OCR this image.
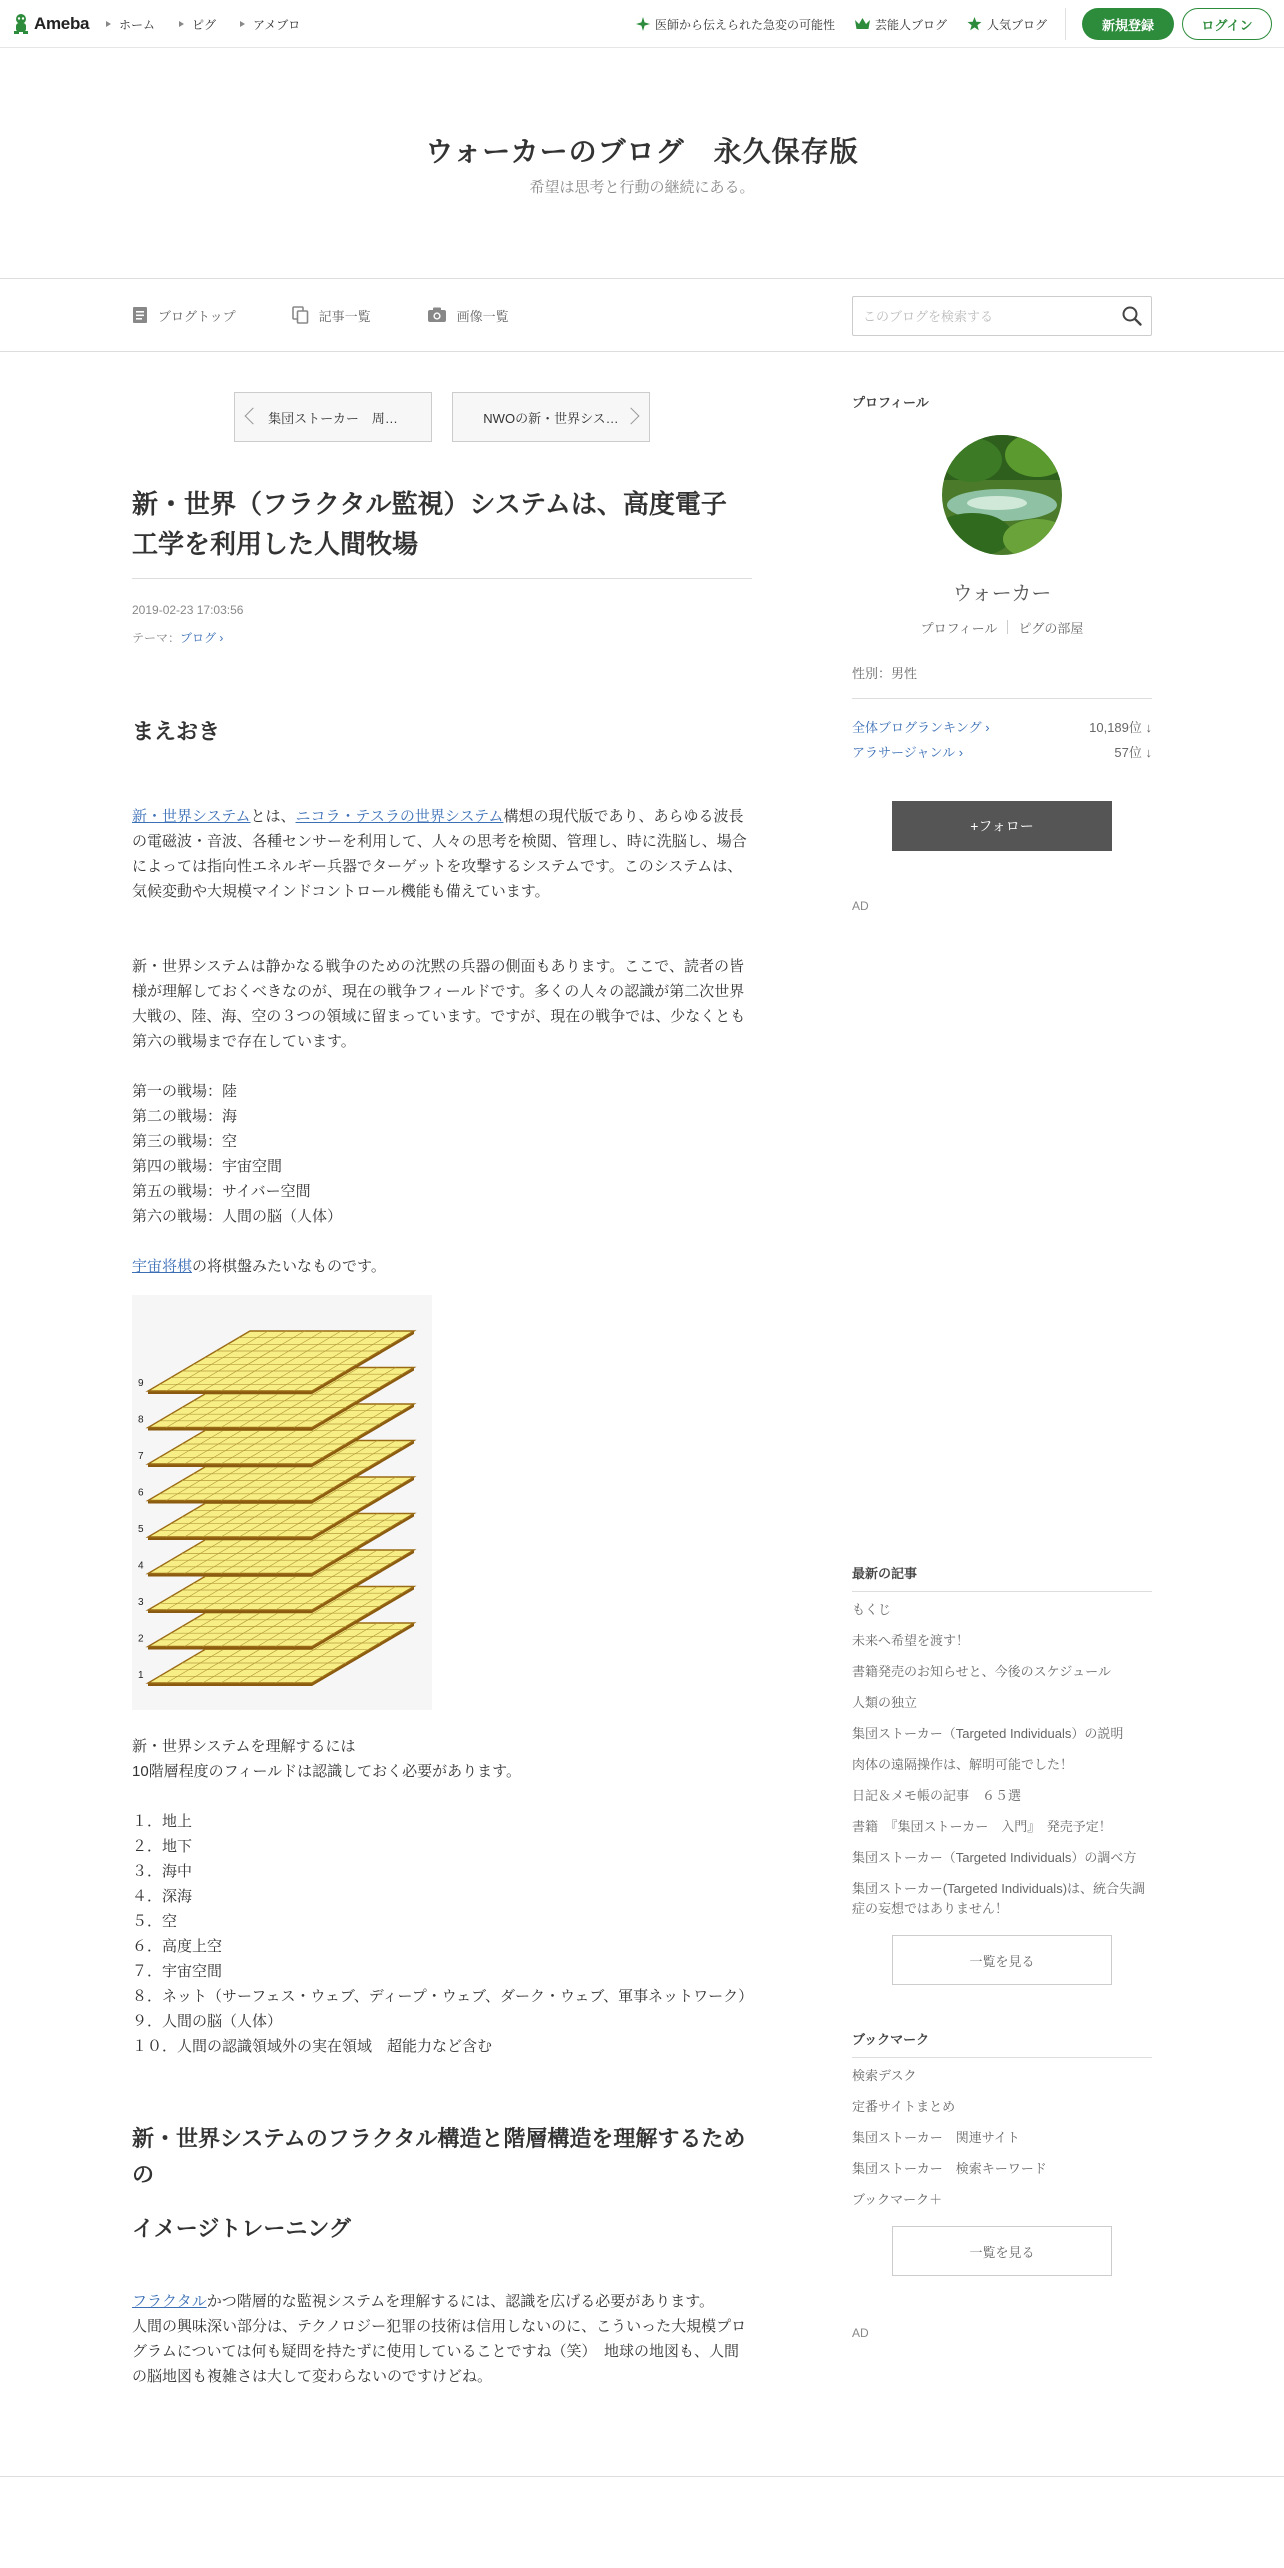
Ameba ホーム	ピグ	アメブロ	医師から伝えられた急変の可能性	芸能人ブログ	人気ブログ	新規登録	ログイン
ウォーカーのブログ　永久保存版
希望は思考と行動の継続にある。
ブログトップ	記事一覧	画像一覧
このブログを検索する
集団ストーカー　周…	NWOの新・世界シス…
新・世界（フラクタル監視）システムは、高度電子工学を利用した人間牧場
2019-02-23 17:03:56
テーマ：ブログ ›
まえおき

新・世界システムとは、ニコラ・テスラの世界システム構想の現代版であり、あらゆる波長の電磁波・音波、各種センサーを利用して、人々の思考を検閲、管理し、時に洗脳し、場合によっては指向性エネルギー兵器でターゲットを攻撃するシステムです。このシステムは、気候変動や大規模マインドコントロール機能も備えています。

新・世界システムは静かなる戦争のための沈黙の兵器の側面もあります。ここで、読者の皆様が理解しておくべきなのが、現在の戦争フィールドです。多くの人々の認識が第二次世界大戦の、陸、海、空の３つの領域に留まっています。ですが、現在の戦争では、少なくとも第六の戦場まで存在しています。

第一の戦場：陸
第二の戦場：海
第三の戦場：空
第四の戦場：宇宙空間
第五の戦場：サイバー空間
第六の戦場：人間の脳（人体）

宇宙将棋の将棋盤みたいなものです。

1
2
3
4
5
6
7
8
9
新・世界システムを理解するには
10階層程度のフィールドは認識しておく必要があります。
１．地上
２．地下
３．海中
４．深海
５．空
６．高度上空
７．宇宙空間
８．ネット（サーフェス・ウェブ、ディープ・ウェブ、ダーク・ウェブ、軍事ネットワーク）
９．人間の脳（人体）
１０．人間の認識領域外の実在領域　超能力など含む
新・世界システムのフラクタル構造と階層構造を理解するための
イメージトレーニング

フラクタルかつ階層的な監視システムを理解するには、認識を広げる必要があります。

人間の興味深い部分は、テクノロジー犯罪の技術は信用しないのに、こういった大規模プログラムについては何も疑問を持たずに使用していることですね（笑）　地球の地図も、人間の脳地図も複雑さは大して変わらないのですけどね。

プロフィール
ウォーカー
プロフィール ピグの部屋
性別：男性
全体ブログランキング ›	10,189位 ↓
アラサージャンル ›	57位 ↓
+フォロー
AD
最新の記事
もくじ
未来へ希望を渡す！
書籍発売のお知らせと、今後のスケジュール
人類の独立
集団ストーカー（Targeted Individuals）の説明
肉体の遠隔操作は、解明可能でした！
日記＆メモ帳の記事　６５選
書籍　『集団ストーカー　入門』　発売予定！
集団ストーカー（Targeted Individuals）の調べ方
集団ストーカー(Targeted Individuals)は、統合失調症の妄想ではありません！
一覧を見る
ブックマーク
検索デスク
定番サイトまとめ
集団ストーカー　関連サイト
集団ストーカー　検索キーワード
ブックマーク＋
一覧を見る
AD
